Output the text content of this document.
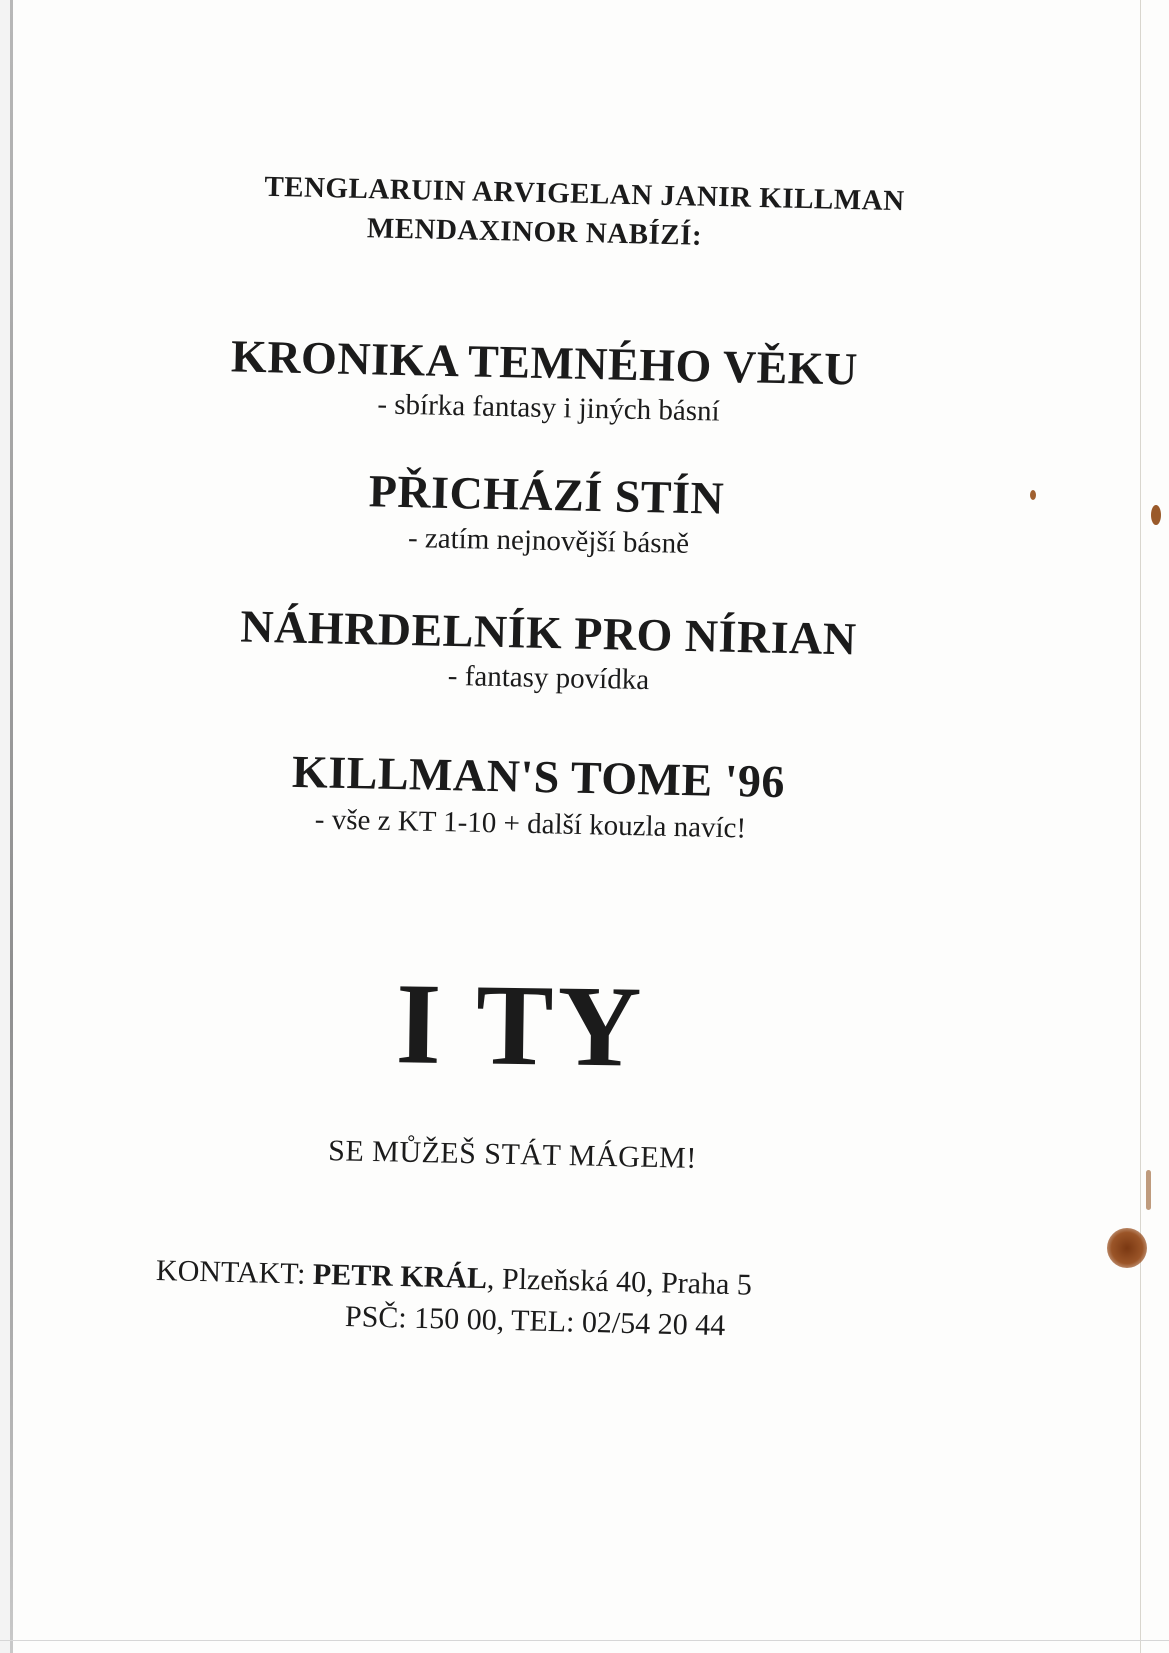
TENGLARUIN ARVIGELAN JANIR KILLMAN
MENDAXINOR NABÍZÍ:
KRONIKA TEMNÉHO VĚKU
- sbírka fantasy i jiných básní
PŘICHÁZÍ STÍN
- zatím nejnovější básně
NÁHRDELNÍK PRO NÍRIAN
- fantasy povídka
KILLMAN'S TOME '96
- vše z KT 1-10 + další kouzla navíc!
I TY
SE MŮŽEŠ STÁT MÁGEM!
KONTAKT: PETR KRÁL, Plzeňská 40, Praha 5
PSČ: 150 00, TEL: 02/54 20 44
